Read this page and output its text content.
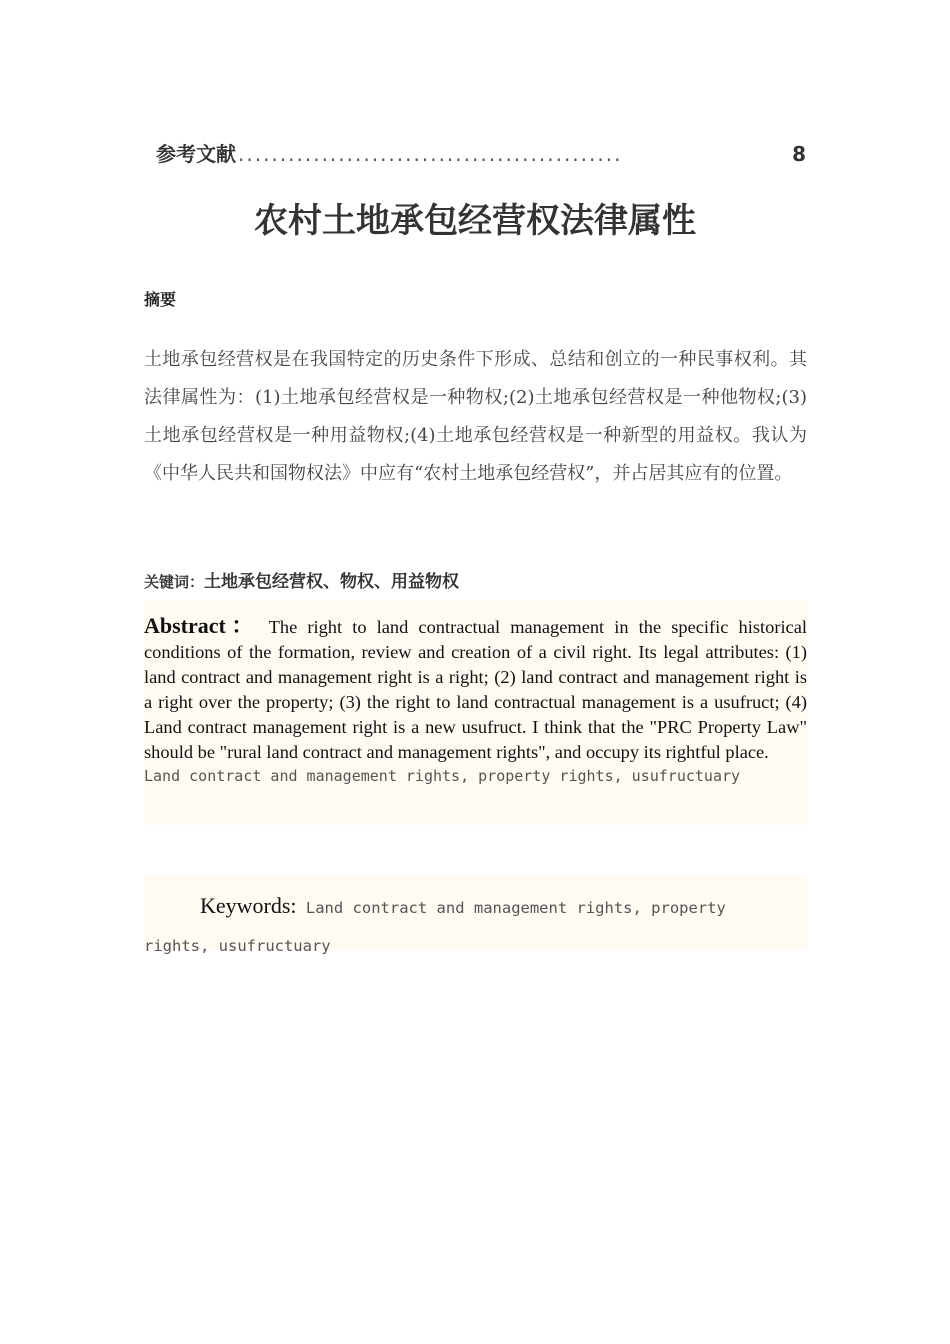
参考文献 ..............................................	8
农村土地承包经营权法律属性
摘要

土地承包经营权是在我国特定的历史条件下形成、总结和创立的一种民事权利。其法律属性为：(1)土地承包经营权是一种物权;(2)土地承包经营权是一种他物权;(3)土地承包经营权是一种用益物权;(4)土地承包经营权是一种新型的用益权。我认为《中华人民共和国物权法》中应有“农村土地承包经营权”，并占居其应有的位置。

关键词：土地承包经营权、物权、用益物权

Abstract： The right to land contractual management in the specific historical conditions of the formation, review and creation of a civil right. Its legal attributes: (1) land contract and management right is a right; (2) land contract and management right is a right over the property; (3) the right to land contractual management is a usufruct; (4) Land contract management right is a new usufruct. I think that the "PRC Property Law" should be "rural land contract and management rights", and occupy its rightful place.

Land contract and management rights, property rights, usufructuary

Keywords: Land contract and management rights, property
rights, usufructuary
